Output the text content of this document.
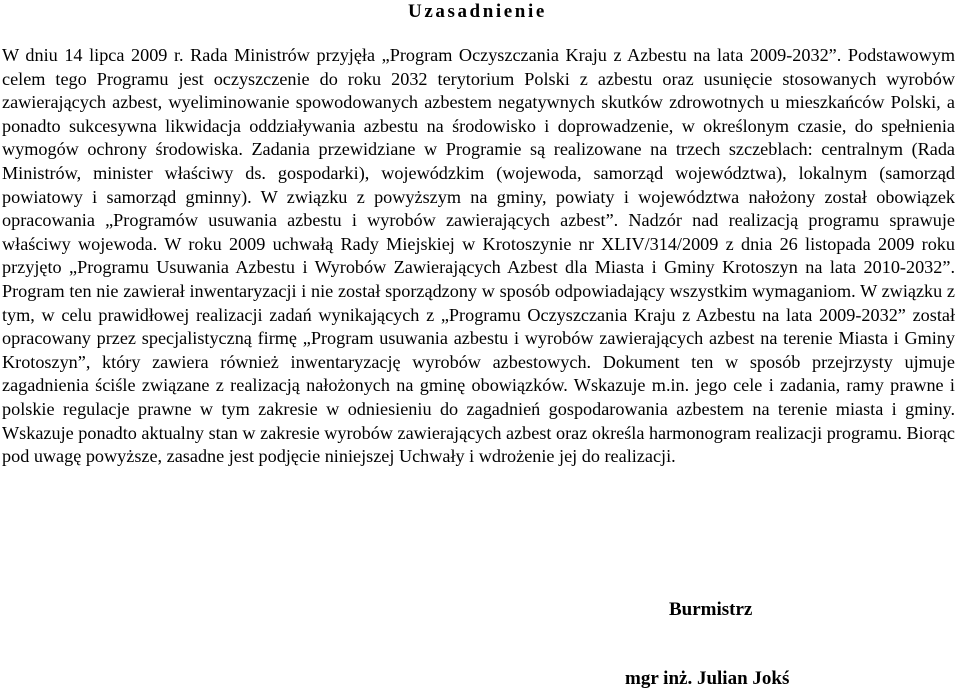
Uzasadnienie

W dniu 14 lipca 2009 r. Rada Ministrów przyjęła „Program Oczyszczania Kraju z Azbestu na lata 2009-2032”. Podstawowym celem tego Programu jest oczyszczenie do roku 2032 terytorium Polski z azbestu oraz usunięcie stosowanych wyrobów zawierających azbest, wyeliminowanie spowodowanych azbestem negatywnych skutków zdrowotnych u mieszkańców Polski, a ponadto sukcesywna likwidacja oddziaływania azbestu na środowisko i doprowadzenie, w określonym czasie, do spełnienia wymogów ochrony środowiska. Zadania przewidziane w Programie są realizowane na trzech szczeblach: centralnym (Rada Ministrów, minister właściwy ds. gospodarki), wojewódzkim (wojewoda, samorząd województwa), lokalnym (samorząd powiatowy i samorząd gminny). W związku z powyższym na gminy, powiaty i województwa nałożony został obowiązek opracowania „Programów usuwania azbestu i wyrobów zawierających azbest”. Nadzór nad realizacją programu sprawuje właściwy wojewoda. W roku 2009 uchwałą Rady Miejskiej w Krotoszynie nr XLIV/314/2009 z dnia 26 listopada 2009 roku przyjęto „Programu Usuwania Azbestu i Wyrobów Zawierających Azbest dla Miasta i Gminy Krotoszyn na lata 2010-2032”. Program ten nie zawierał inwentaryzacji i nie został sporządzony w sposób odpowiadający wszystkim wymaganiom. W związku z tym, w celu prawidłowej realizacji zadań wynikających z „Programu Oczyszczania Kraju z Azbestu na lata 2009-2032” został opracowany przez specjalistyczną firmę „Program usuwania azbestu i wyrobów zawierających azbest na terenie Miasta i Gminy Krotoszyn”, który zawiera również inwentaryzację wyrobów azbestowych. Dokument ten w sposób przejrzysty ujmuje zagadnienia ściśle związane z realizacją nałożonych na gminę obowiązków. Wskazuje m.in. jego cele i zadania, ramy prawne i polskie regulacje prawne w tym zakresie w odniesieniu do zagadnień gospodarowania azbestem na terenie miasta i gminy. Wskazuje ponadto aktualny stan w zakresie wyrobów zawierających azbest oraz określa harmonogram realizacji programu. Biorąc pod uwagę powyższe, zasadne jest podjęcie niniejszej Uchwały i wdrożenie jej do realizacji.

Burmistrz
mgr inż. Julian Jokś
